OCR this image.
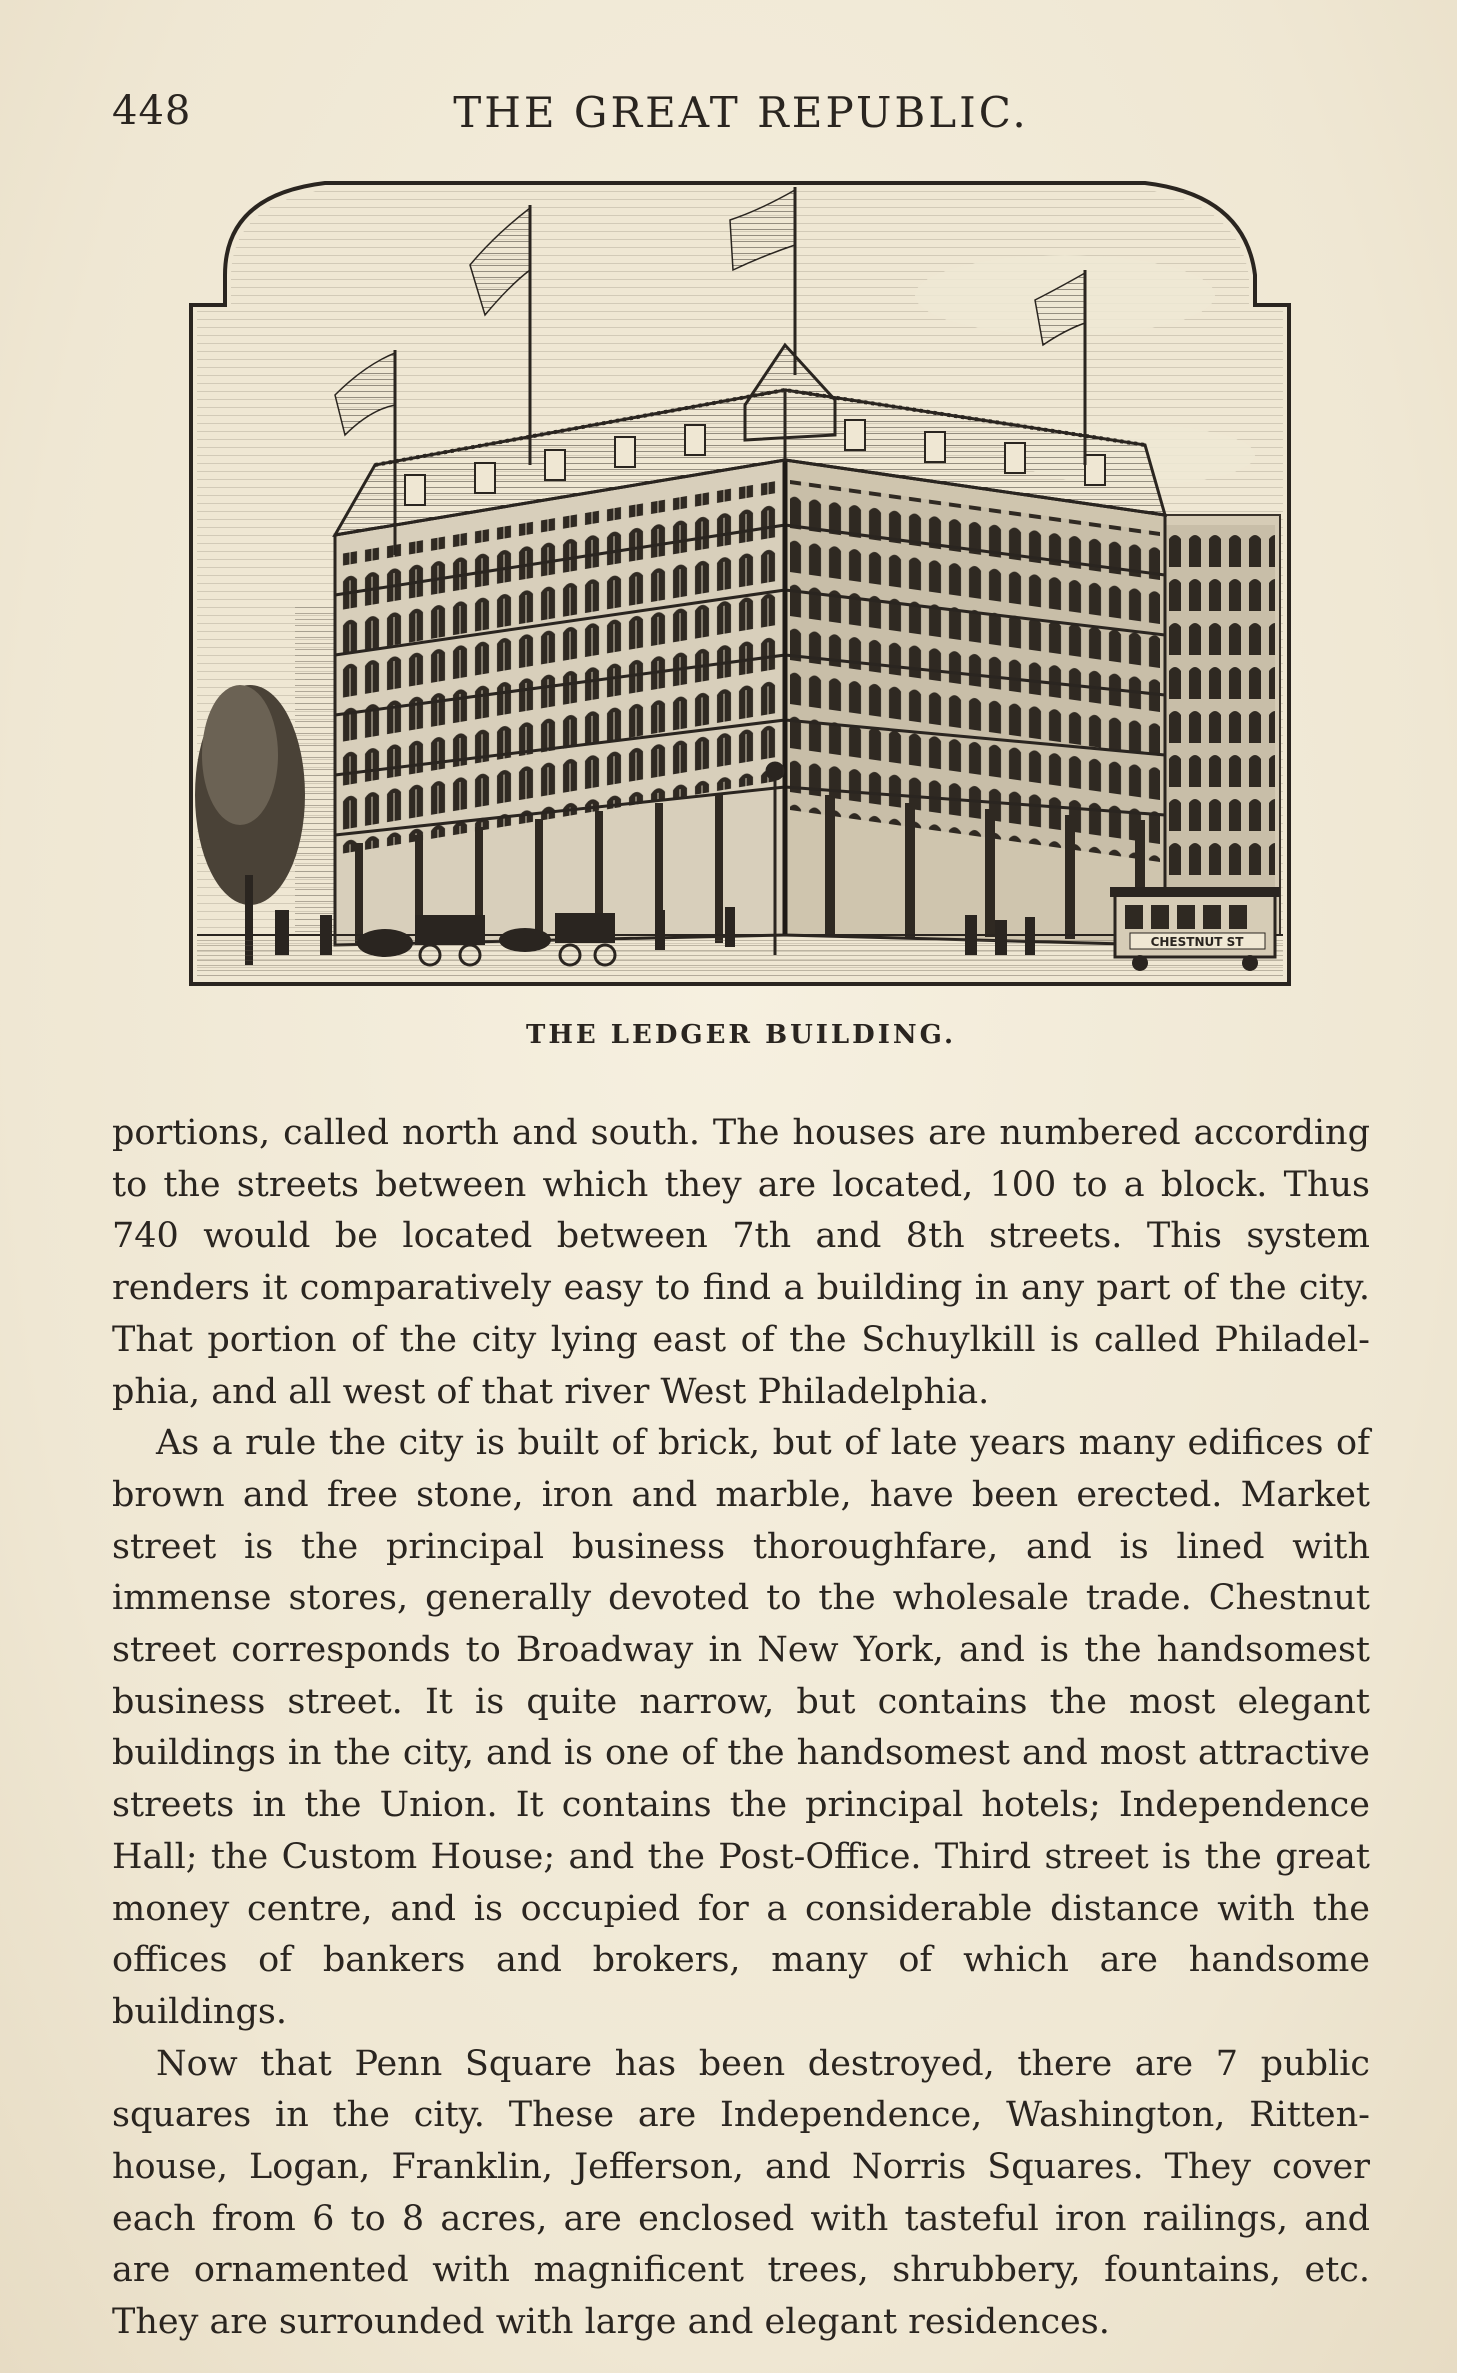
448	THE GREAT REPUBLIC.
CHESTNUT ST
THE LEDGER BUILDING.

portions, called north and south. The houses are numbered according to the streets between which they are located, 100 to a block. Thus 740 would be located between 7th and 8th streets. This system renders it comparatively easy to find a building in any part of the city. That portion of the city lying east of the Schuylkill is called Philadelphia, and all west of that river West Philadelphia.

As a rule the city is built of brick, but of late years many edifices of brown and free stone, iron and marble, have been erected. Market street is the principal business thoroughfare, and is lined with immense stores, generally devoted to the wholesale trade. Chestnut street corresponds to Broadway in New York, and is the handsomest business street. It is quite narrow, but contains the most elegant buildings in the city, and is one of the handsomest and most attractive streets in the Union. It contains the principal hotels; Independence Hall; the Custom House; and the Post-Office. Third street is the great money centre, and is occupied for a considerable distance with the offices of bankers and brokers, many of which are handsome buildings.

Now that Penn Square has been destroyed, there are 7 public squares in the city. These are Independence, Washington, Rittenhouse, Logan, Franklin, Jefferson, and Norris Squares. They cover each from 6 to 8 acres, are enclosed with tasteful iron railings, and are ornamented with magnificent trees, shrubbery, fountains, etc. They are surrounded with large and elegant residences.
